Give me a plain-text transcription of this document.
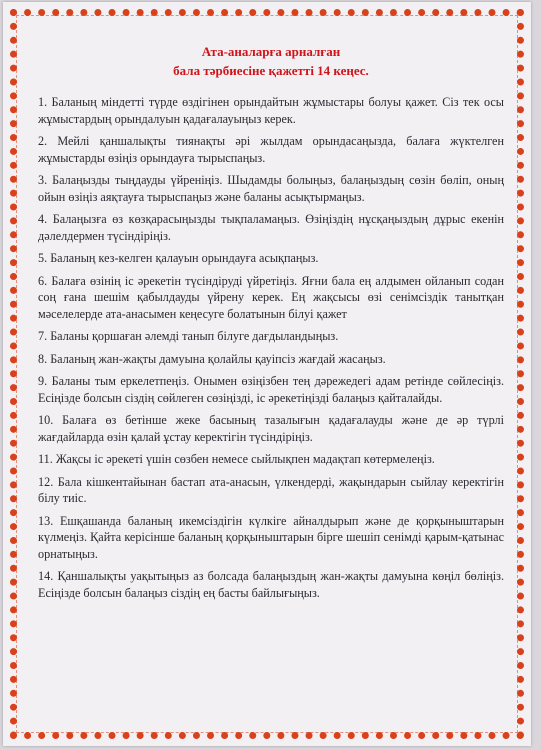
Ата-аналарға арналған
бала тәрбиесіне қажетті 14 кеңес.

1. Баланың міндетті түрде өздігінен орындайтын жұмыстары болуы қажет. Сіз тек осы жұмыстардың орындалуын қадағалауыңыз керек.

2. Мейлі қаншалықты тиянақты әрі жылдам орындасаңызда, балаға жүктелген жұмыстарды өзіңіз орындауға тырыспаңыз.

3. Балаңызды тыңдауды үйреніңіз. Шыдамды болыңыз, балаңыздың сөзін бөліп, оның ойын өзіңіз аяқтауға тырыспаңыз және баланы асықтырмаңыз.

4. Балаңызға өз көзқарасыңызды тықпаламаңыз. Өзіңіздің нұсқаңыздың дұрыс екенін дәлелдермен түсіндіріңіз.

5. Баланың кез-келген қалауын орындауға асықпаңыз.

6. Балаға өзінің іс әрекетін түсіндіруді үйретіңіз. Яғни бала ең алдымен ойланып содан соң ғана шешім қабылдауды үйрену керек. Ең жақсысы өзі сенімсіздік танытқан мәселелерде ата-анасымен кеңесуге болатынын білуі қажет

7. Баланы қоршаған әлемді танып білуге дағдыландыңыз.

8. Баланың жан-жақты дамуына қолайлы қауіпсіз жағдай жасаңыз.

9. Баланы тым еркелетпеңіз. Онымен өзіңізбен тең дәрежедегі адам ретінде сөйлесіңіз. Есіңізде болсын сіздің сөйлеген сөзіңізді, іс әрекетіңізді балаңыз қайталайды.

10. Балаға өз бетінше жеке басының тазалығын қадағалауды және де әр түрлі жағдайларда өзін қалай ұстау керектігін түсіндіріңіз.

11. Жақсы іс әрекеті үшін сөзбен немесе сыйлықпен мадақтап көтермелеңіз.

12. Бала кішкентайынан бастап ата-анасын, үлкендерді, жақындарын сыйлау керектігін білу тиіс.

13. Ешқашанда баланың икемсіздігін күлкіге айналдырып және де қорқыныштарын күлмеңіз. Қайта керісінше баланың қорқыныштарын бірге шешіп сенімді қарым-қатынас орнатыңыз.

14. Қаншалықты уақытыңыз аз болсада балаңыздың жан-жақты дамуына көңіл бөліңіз. Есіңізде болсын балаңыз сіздің ең басты байлығыңыз.
